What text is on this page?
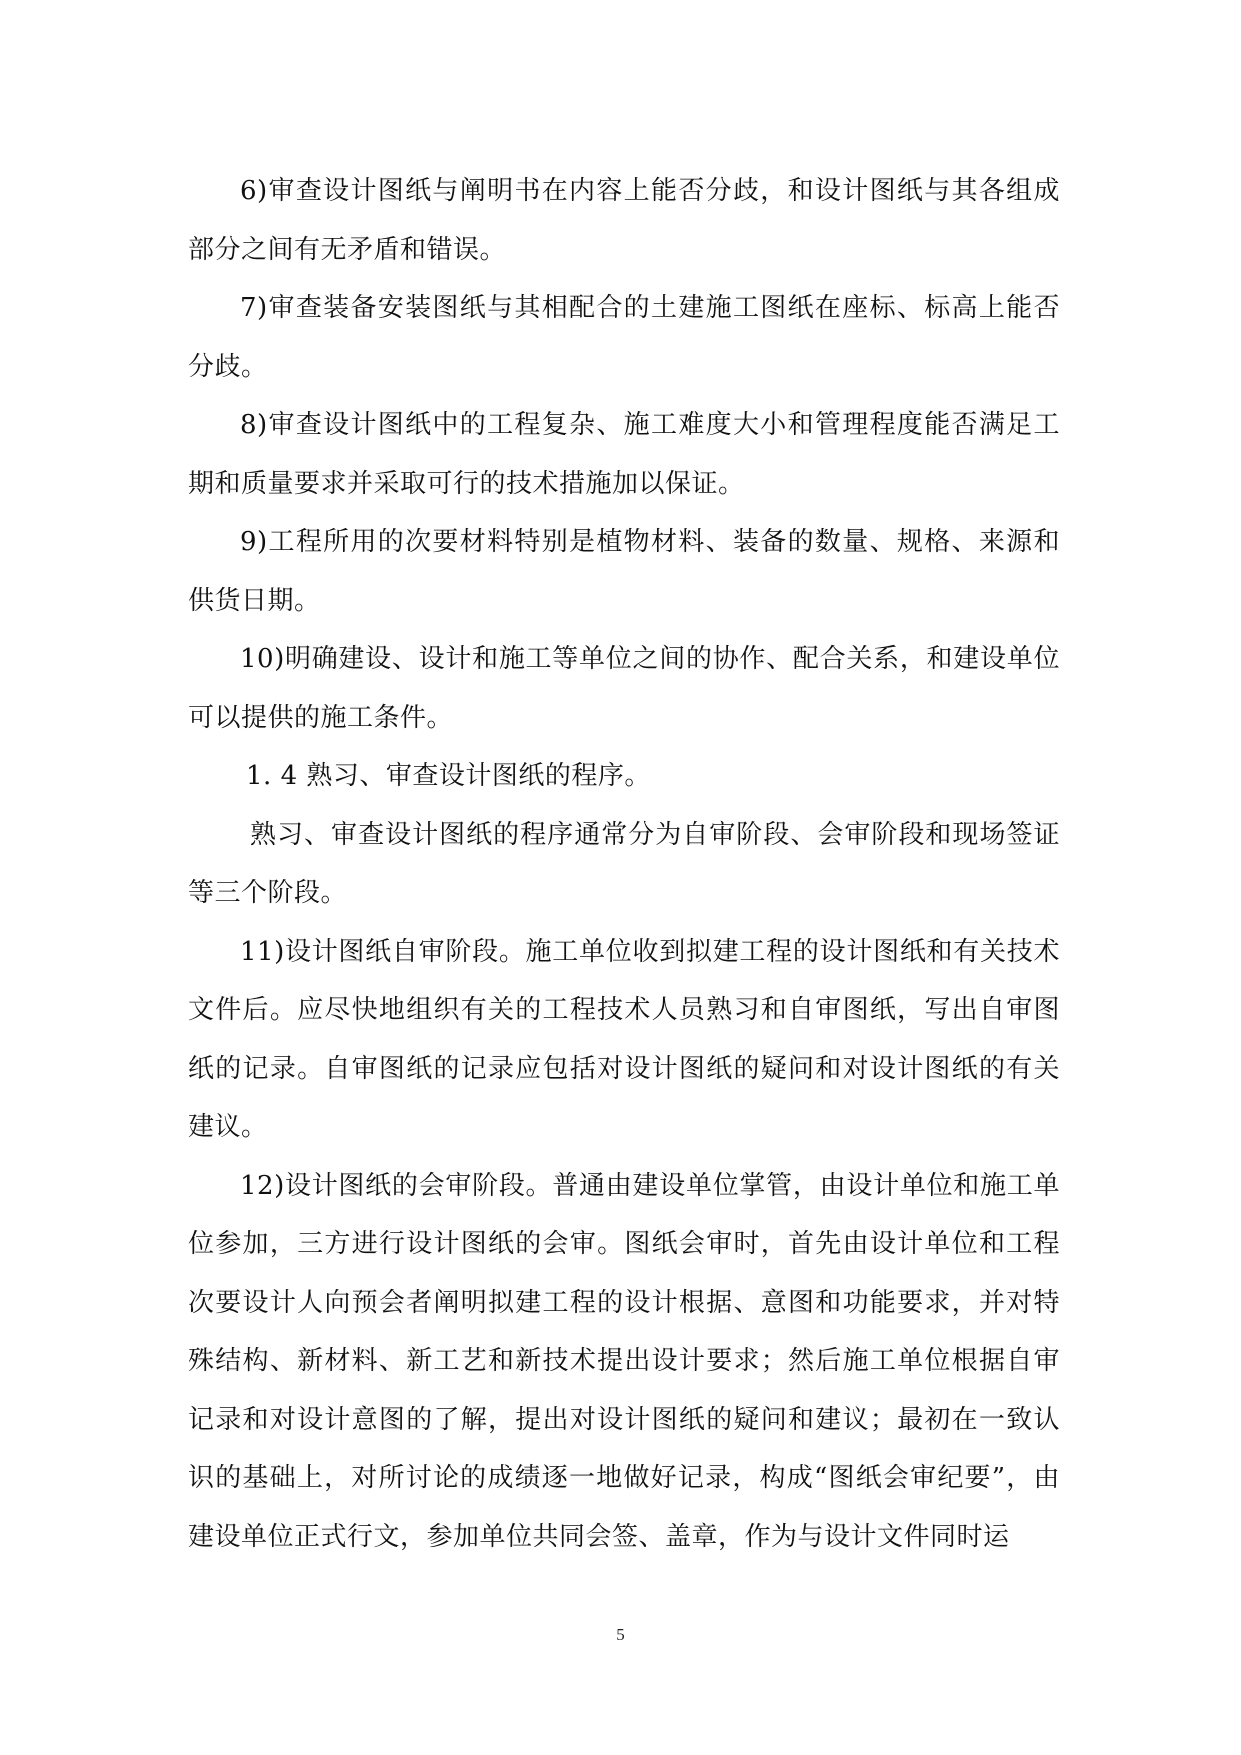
6)审查设计图纸与阐明书在内容上能否分歧，和设计图纸与其各组成部分之间有无矛盾和错误。

7)审查装备安装图纸与其相配合的土建施工图纸在座标、标高上能否分歧。

8)审查设计图纸中的工程复杂、施工难度大小和管理程度能否满足工期和质量要求并采取可行的技术措施加以保证。

9)工程所用的次要材料特别是植物材料、装备的数量、规格、来源和供货日期。

10)明确建设、设计和施工等单位之间的协作、配合关系，和建设单位可以提供的施工条件。

1. 4 熟习、审查设计图纸的程序。

熟习、审查设计图纸的程序通常分为自审阶段、会审阶段和现场签证等三个阶段。

11)设计图纸自审阶段。施工单位收到拟建工程的设计图纸和有关技术文件后。应尽快地组织有关的工程技术人员熟习和自审图纸，写出自审图纸的记录。自审图纸的记录应包括对设计图纸的疑问和对设计图纸的有关建议。

12)设计图纸的会审阶段。普通由建设单位掌管，由设计单位和施工单位参加，三方进行设计图纸的会审。图纸会审时，首先由设计单位和工程次要设计人向预会者阐明拟建工程的设计根据、意图和功能要求，并对特殊结构、新材料、新工艺和新技术提出设计要求；然后施工单位根据自审记录和对设计意图的了解，提出对设计图纸的疑问和建议；最初在一致认识的基础上，对所讨论的成绩逐一地做好记录，构成“图纸会审纪要”，由建设单位正式行文，参加单位共同会签、盖章，作为与设计文件同时运

5
